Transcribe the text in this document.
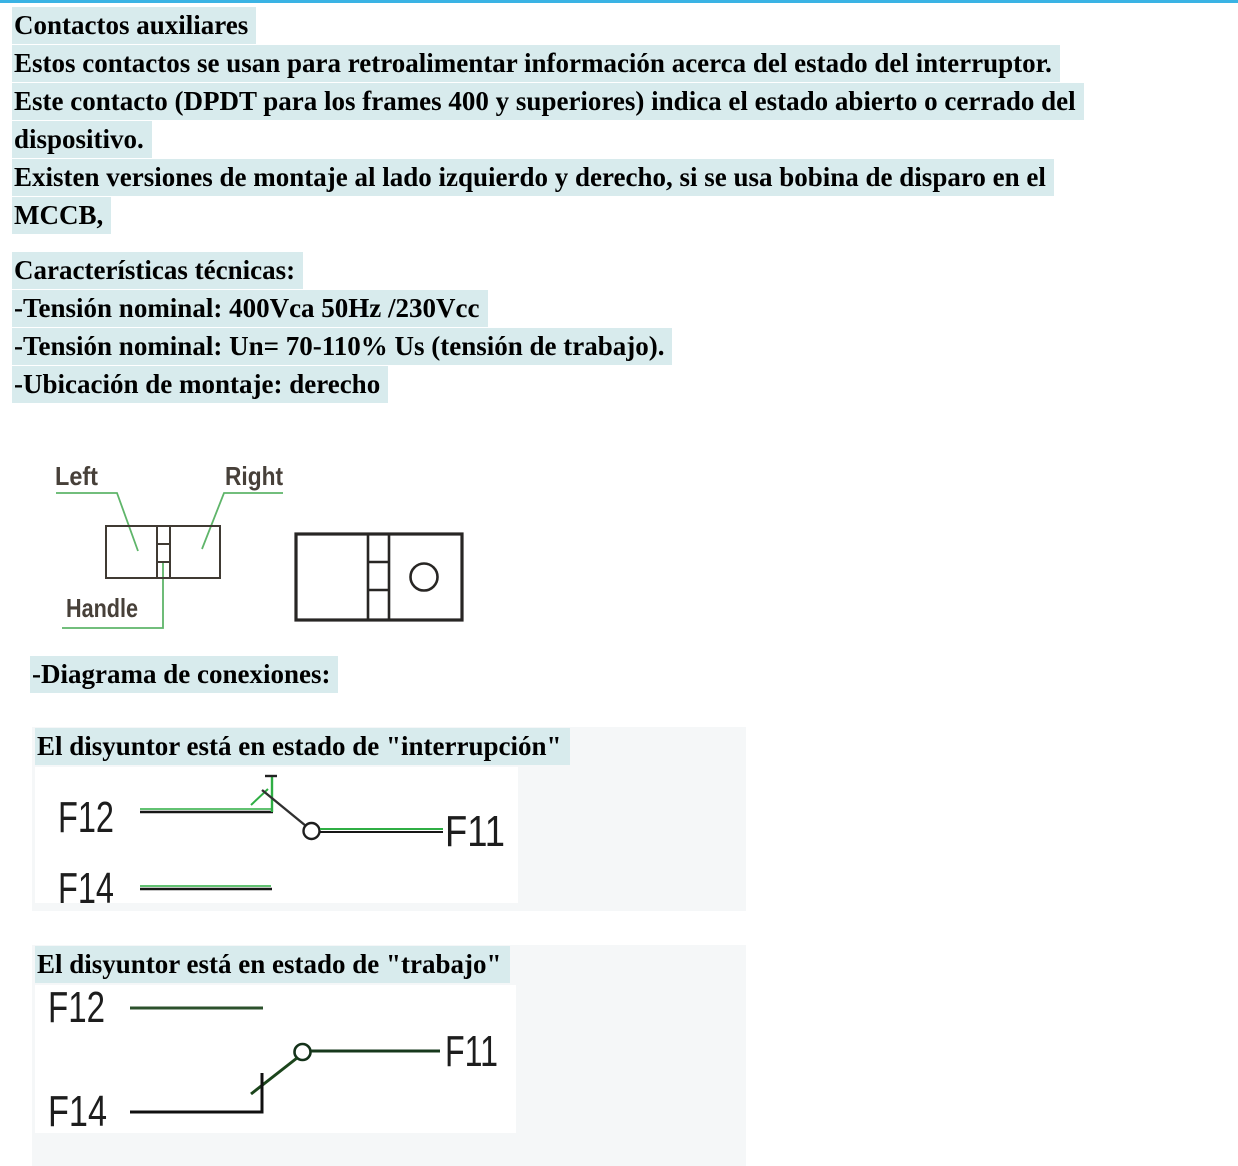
Contactos auxiliares
Estos contactos se usan para retroalimentar información acerca del estado del interruptor.
Este contacto (DPDT para los frames 400 y superiores) indica el estado abierto o cerrado del
dispositivo.
Existen versiones de montaje al lado izquierdo y derecho, si se usa bobina de disparo en el
MCCB,
Características técnicas:
-Tensión nominal: 400Vca 50Hz /230Vcc
-Tensión nominal: Un= 70-110% Us (tensión de trabajo).
-Ubicación de montaje: derecho
Left	Right
Handle
-Diagrama de conexiones:
El disyuntor está en estado de "interrupción"
F12
F14
F11
El disyuntor está en estado de "trabajo"
F12
F14
F11
